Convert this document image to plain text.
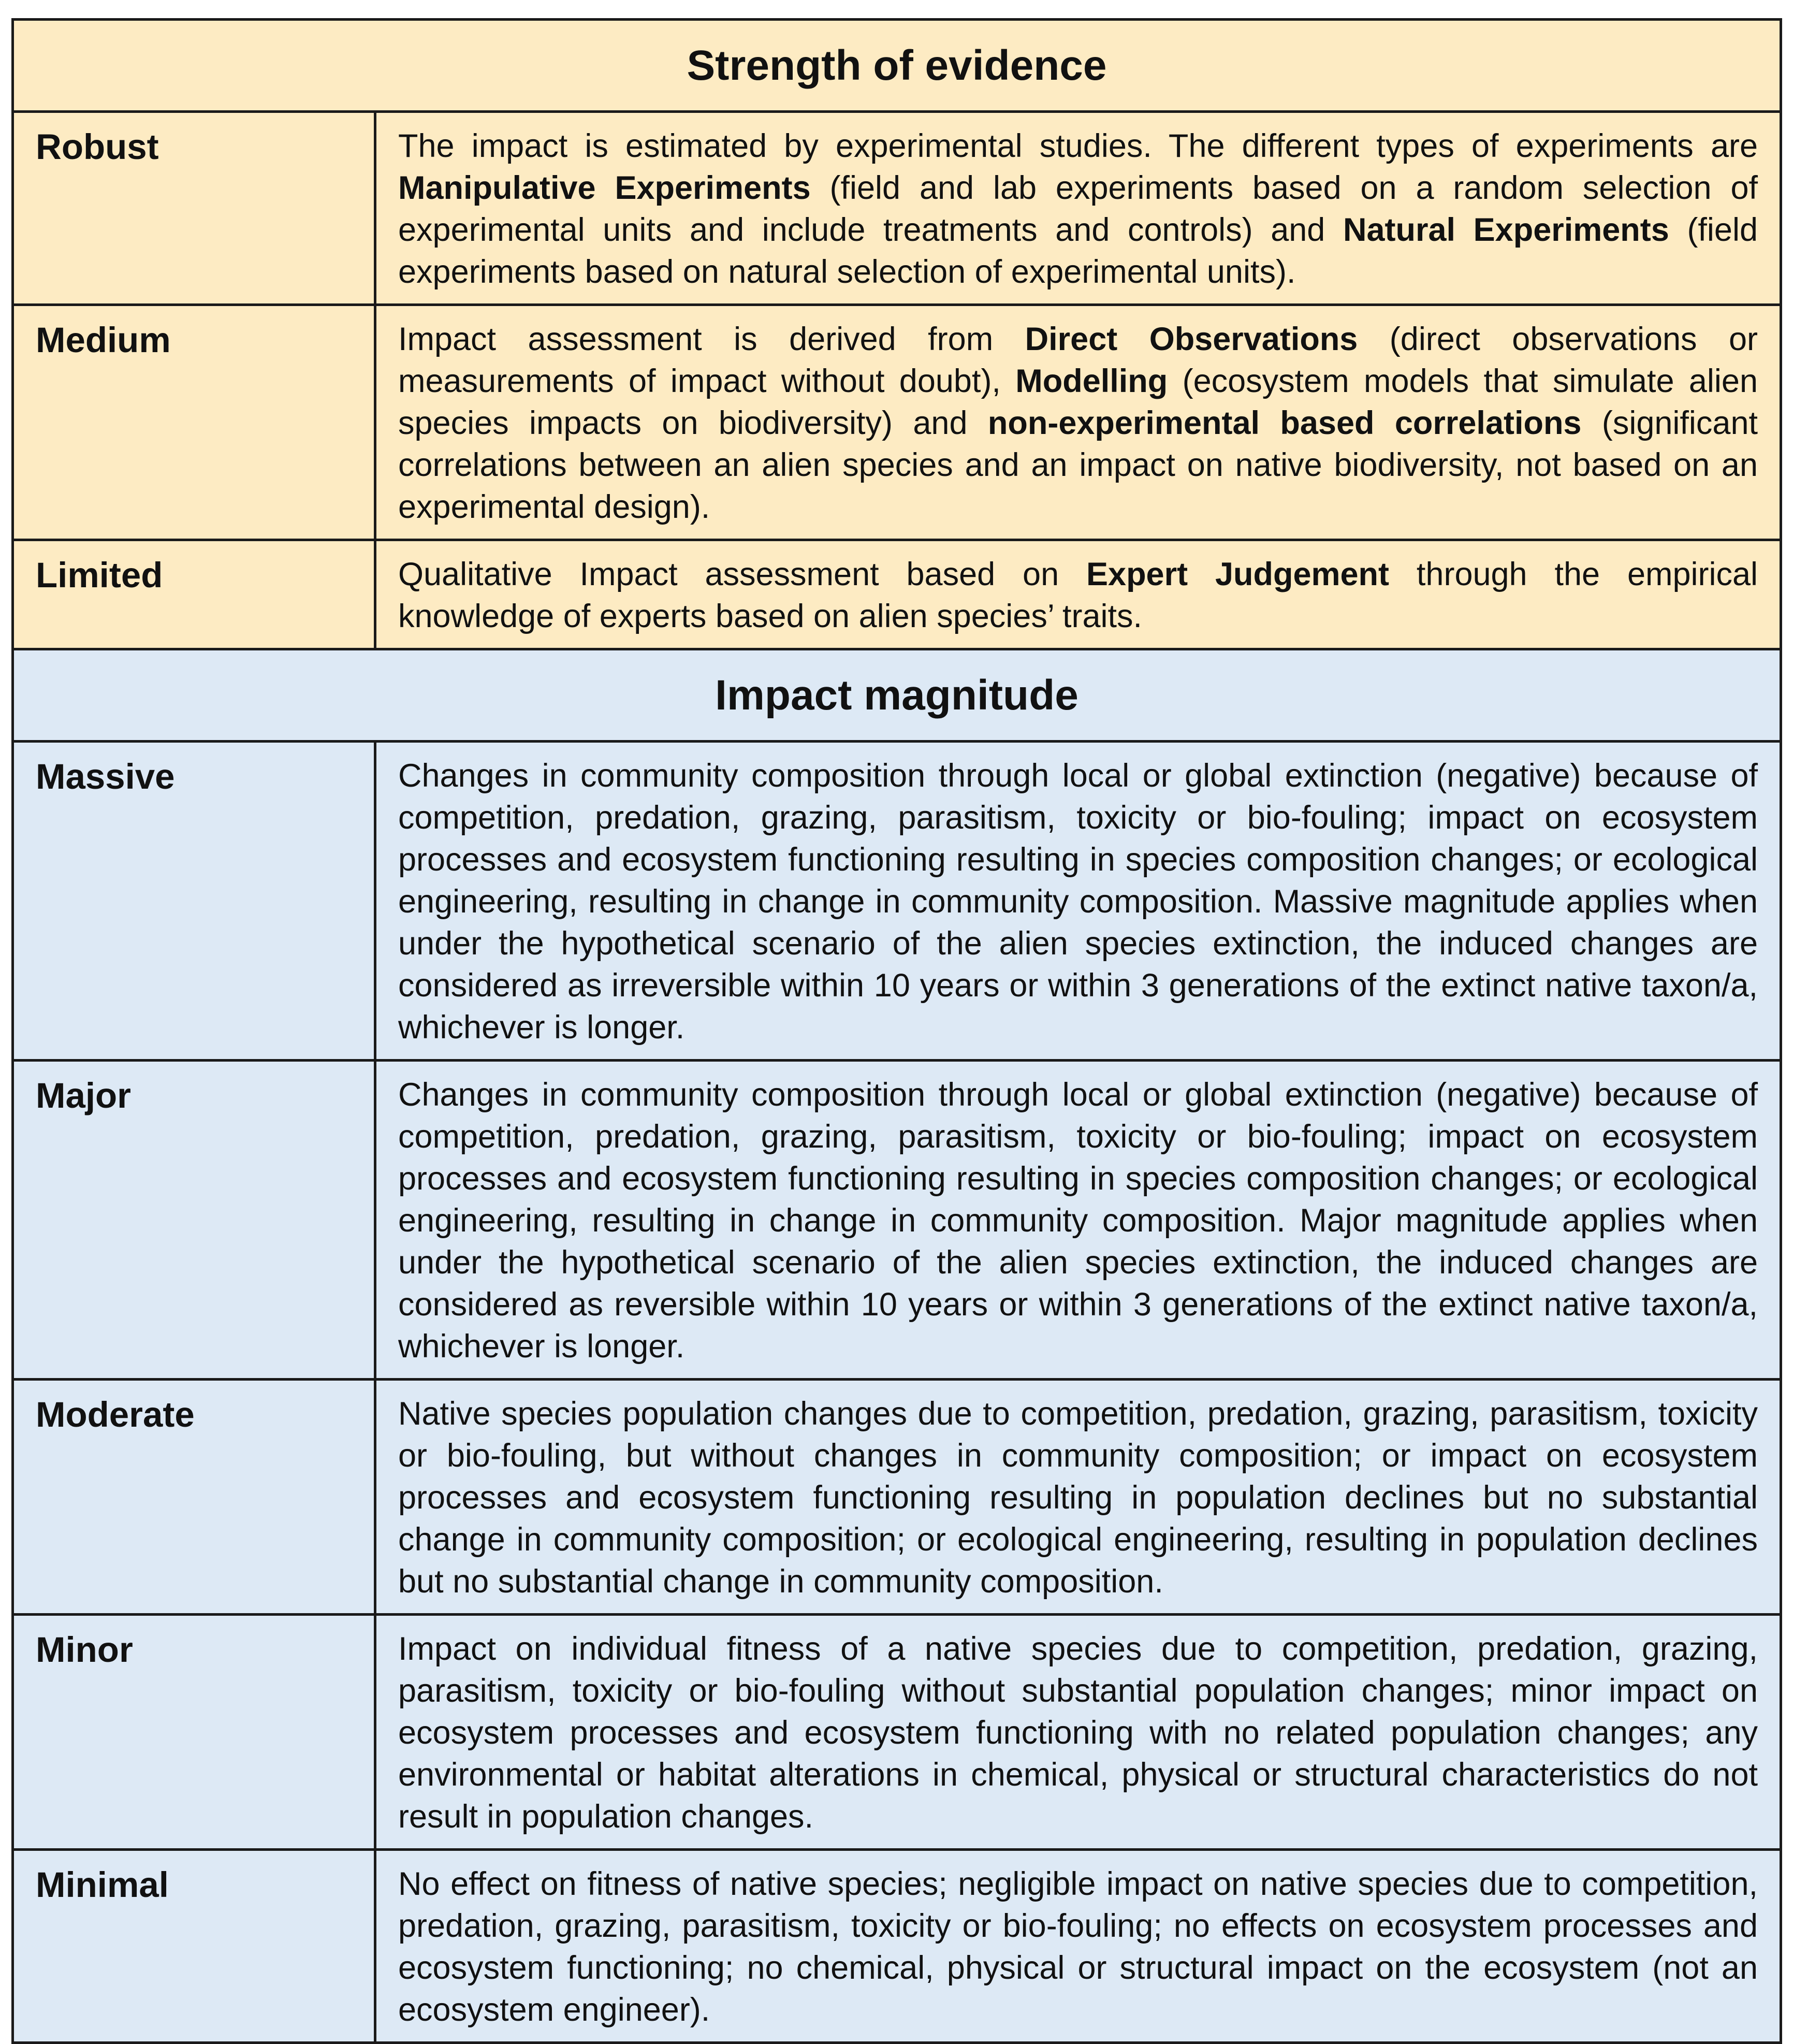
Strength of evidence	
Robust	The impact is estimated by experimental studies. The different types of experiments are Manipulative Experiments (field and lab experiments based on a random selection of experimental units and include treatments and controls) and Natural Experiments (field experiments based on natural selection of experimental units).
Medium	Impact assessment is derived from Direct Observations (direct observations or measurements of impact without doubt), Modelling (ecosystem models that simulate alien species impacts on biodiversity) and non-experimental based correlations (significant correlations between an alien species and an impact on native biodiversity, not based on an experimental design).
Limited	Qualitative Impact assessment based on Expert Judgement through the empirical knowledge of experts based on alien species’ traits.
Impact magnitude	
Massive	Changes in community composition through local or global extinction (negative) because of competition, predation, grazing, parasitism, toxicity or bio-fouling; impact on ecosystem processes and ecosystem functioning resulting in species composition changes; or ecological engineering, resulting in change in community composition. Massive magnitude applies when under the hypothetical scenario of the alien species extinction, the induced changes are considered as irreversible within 10 years or within 3 generations of the extinct native taxon/a, whichever is longer.
Major	Changes in community composition through local or global extinction (negative) because of competition, predation, grazing, parasitism, toxicity or bio-fouling; impact on ecosystem processes and ecosystem functioning resulting in species composition changes; or ecological engineering, resulting in change in community composition. Major magnitude applies when under the hypothetical scenario of the alien species extinction, the induced changes are considered as reversible within 10 years or within 3 generations of the extinct native taxon/a, whichever is longer.
Moderate	Native species population changes due to competition, predation, grazing, parasitism, toxicity or bio-fouling, but without changes in community composition; or impact on ecosystem processes and ecosystem functioning resulting in population declines but no substantial change in community composition; or ecological engineering, resulting in population declines but no substantial change in community composition.
Minor	Impact on individual fitness of a native species due to competition, predation, grazing, parasitism, toxicity or bio-fouling without substantial population changes; minor impact on ecosystem processes and ecosystem functioning with no related population changes; any environmental or habitat alterations in chemical, physical or structural characteristics do not result in population changes.
Minimal	No effect on fitness of native species; negligible impact on native species due to competition, predation, grazing, parasitism, toxicity or bio-fouling; no effects on ecosystem processes and ecosystem functioning; no chemical, physical or structural impact on the ecosystem (not an ecosystem engineer).
